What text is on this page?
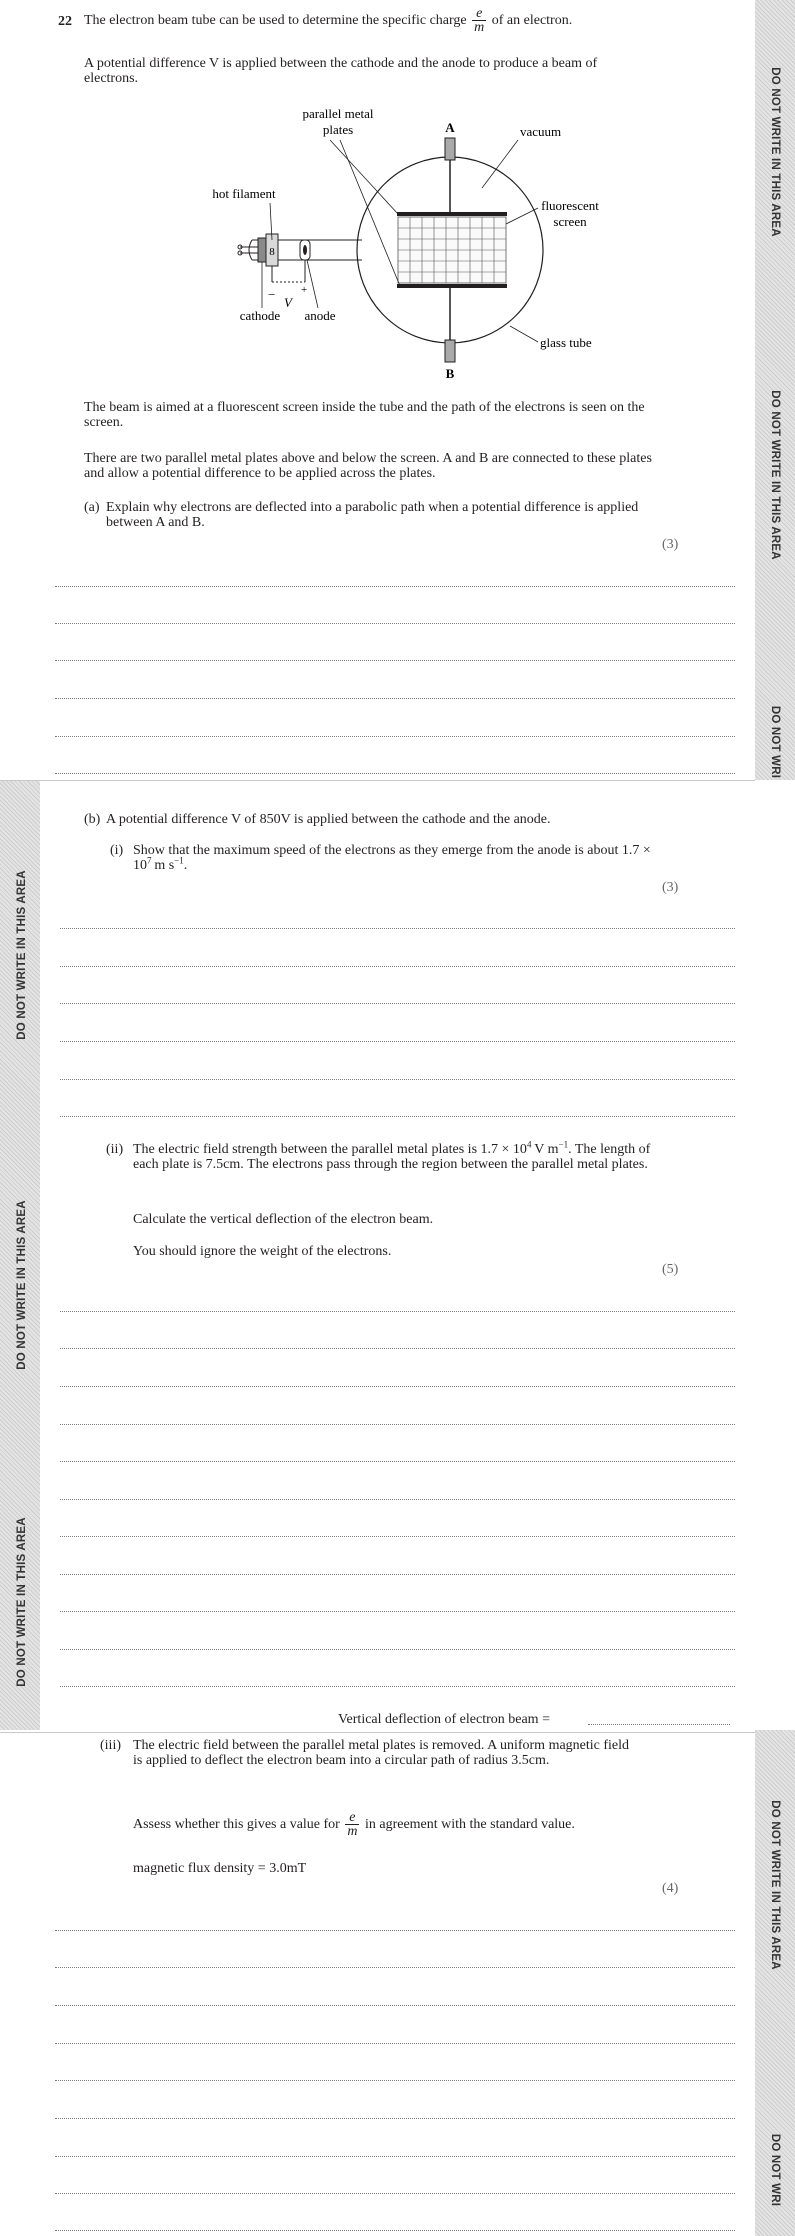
DO NOT WRITE IN THIS AREA
DO NOT WRITE IN THIS AREA
DO NOT WRI
DO NOT WRITE IN THIS AREA
DO NOT WRITE IN THIS AREA
DO NOT WRITE IN THIS AREA
DO NOT WRITE IN THIS AREA
DO NOT WRI
22 The electron beam tube can be used to determine the specific charge $\frac{e}{m}$ of an electron.
A potential difference V is applied between the cathode and the anode to produce a beam of electrons.
8
− +
V
parallel metal
plates	A
B
vacuum
hot filament
fluorescent
screen
cathode anode
glass tube
The beam is aimed at a fluorescent screen inside the tube and the path of the electrons is seen on the screen.
There are two parallel metal plates above and below the screen. A and B are connected to these plates and allow a potential difference to be applied across the plates.
(a) Explain why electrons are deflected into a parabolic path when a potential difference is applied between A and B.
(3)
(b) A potential difference V of 850V is applied between the cathode and the anode.
(i) Show that the maximum speed of the electrons as they emerge from the anode is about $1.7 \times 10^7$  m $s^{-1}$.
(3)
(ii) The electric field strength between the parallel metal plates is $1.7 \times 10^4$  V $m^{-1}$. The length of each plate is 7.5cm. The electrons pass through the region between the parallel metal plates.
Calculate the vertical deflection of the electron beam.
You should ignore the weight of the electrons.
(5)
Vertical deflection of electron beam =
(iii) The electric field between the parallel metal plates is removed. A uniform magnetic field is applied to deflect the electron beam into a circular path of radius 3.5cm.
Assess whether this gives a value for $\frac{e}{m}$ in agreement with the standard value.
magnetic flux density = 3.0mT
(4)
